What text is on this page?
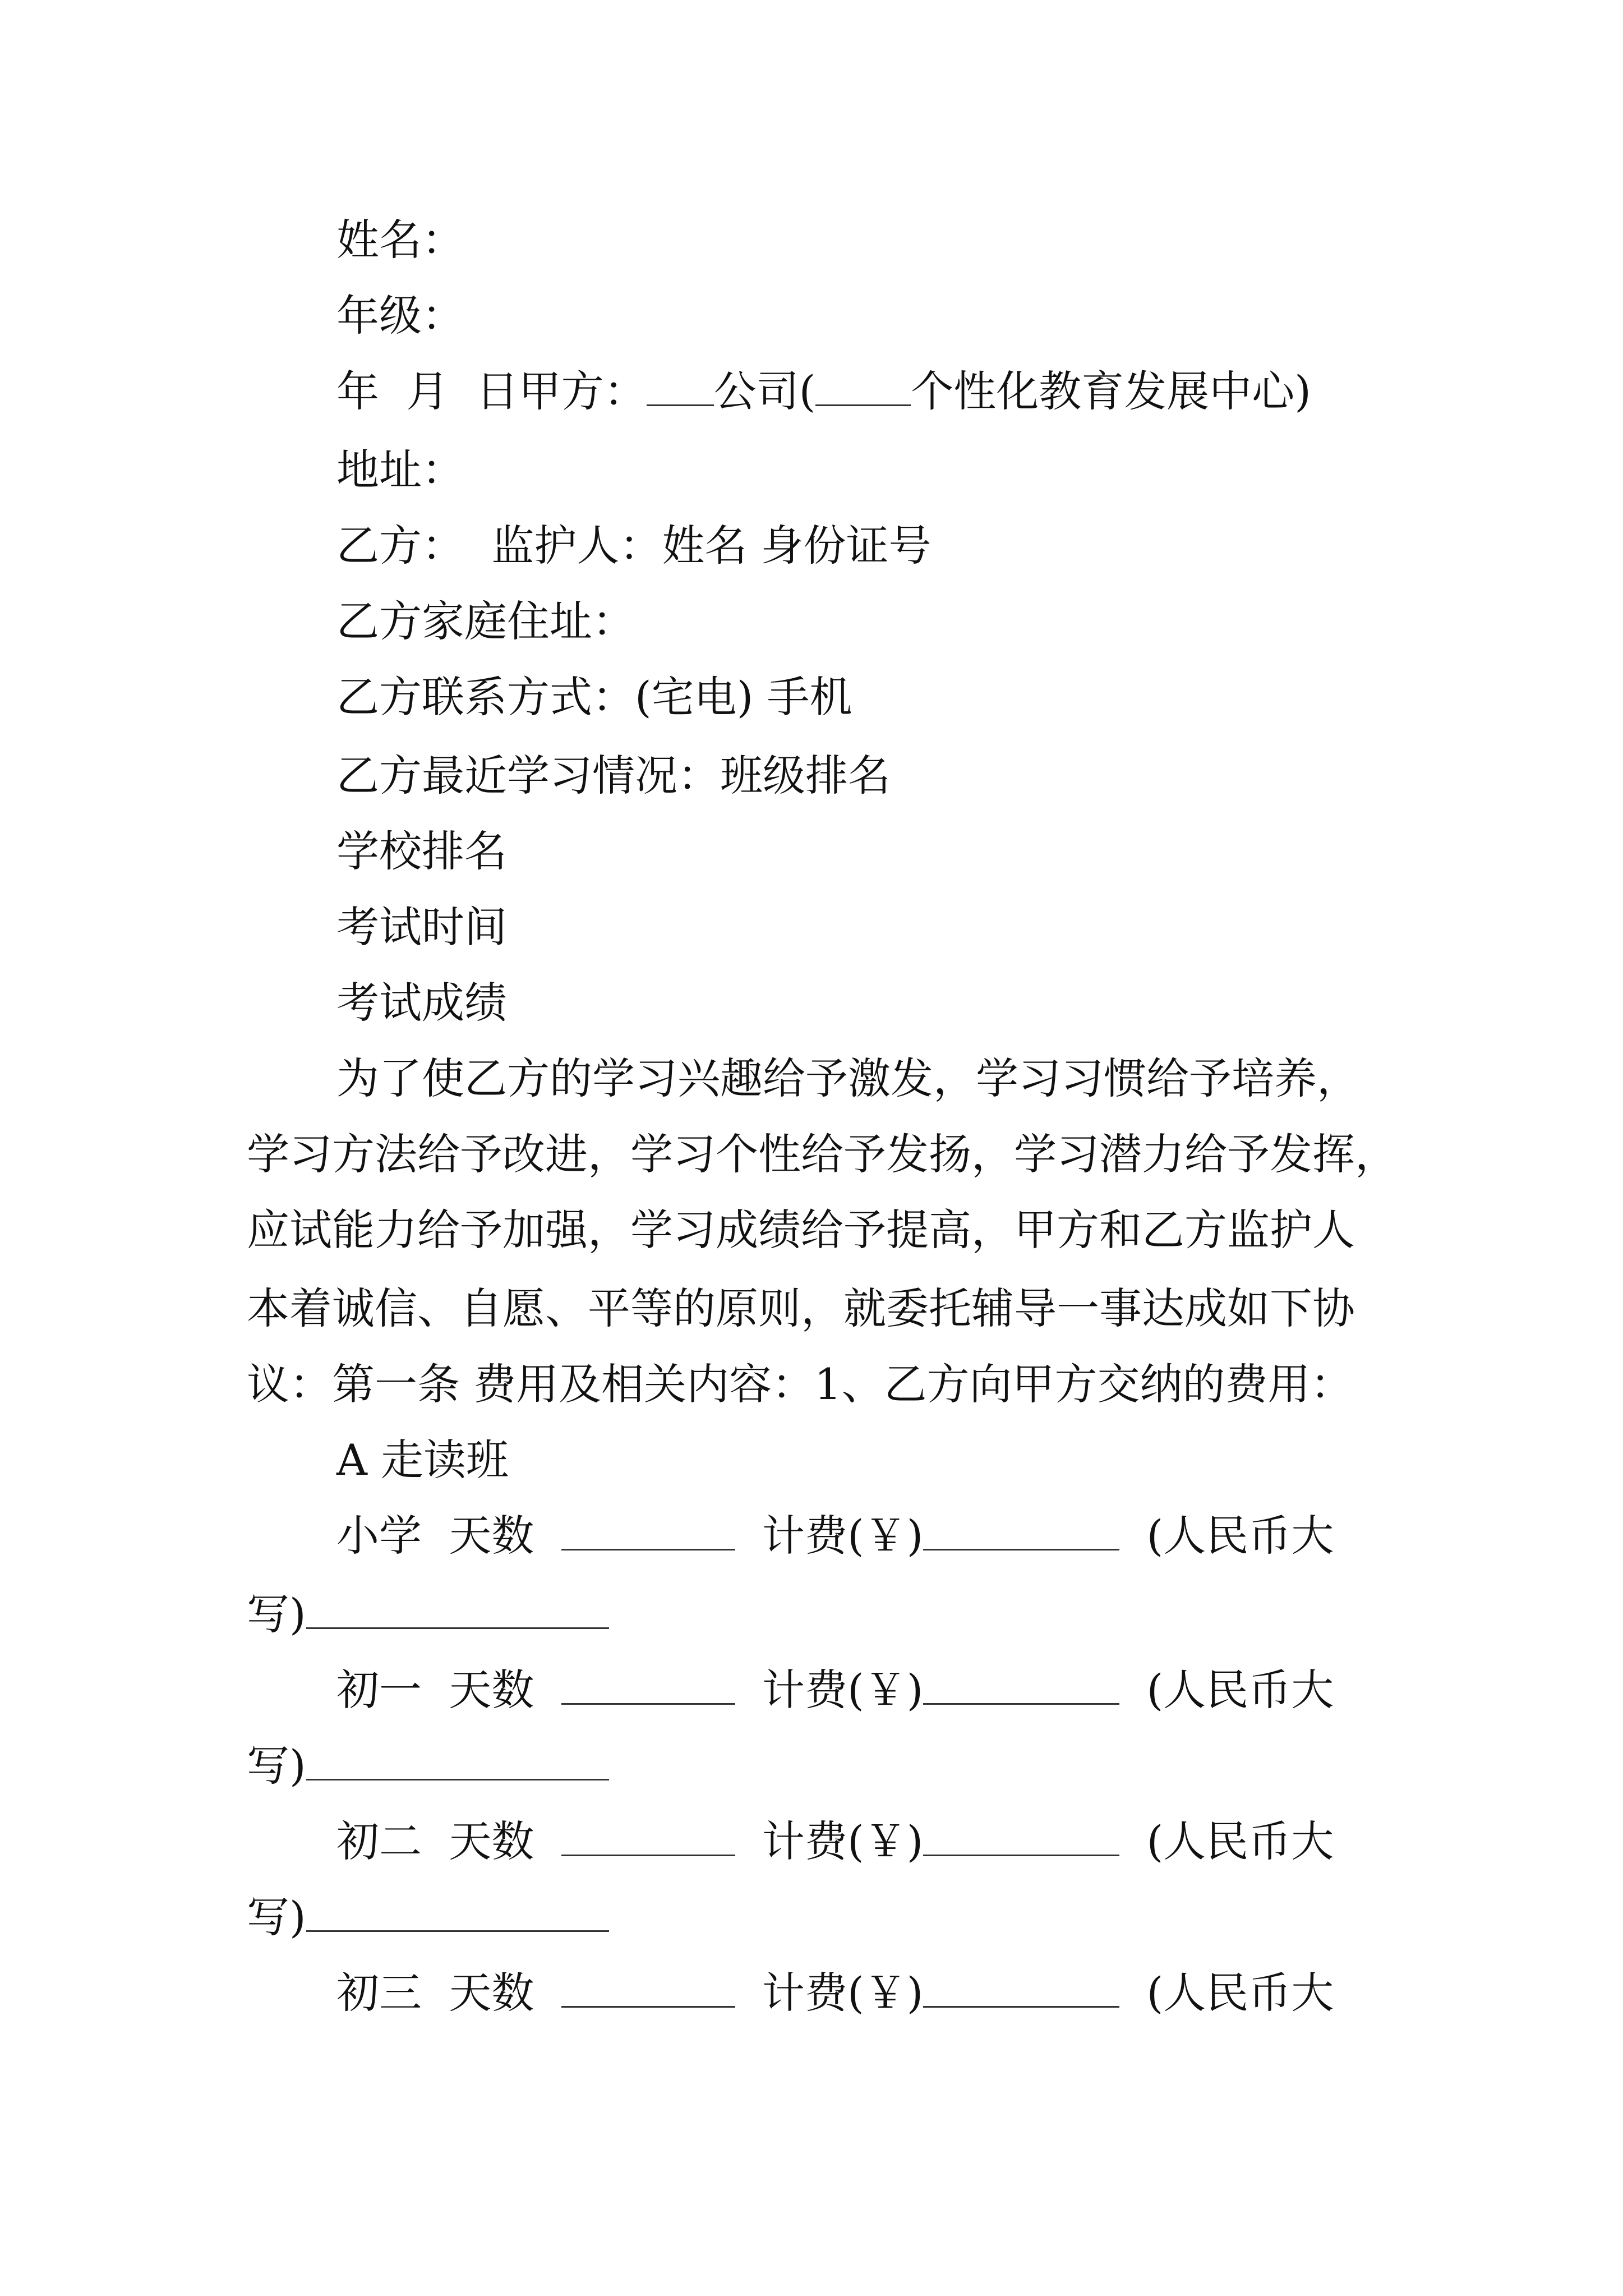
姓名：
年级：
年  月  日甲方： 公司( 个性化教育发展中心)
地址：
乙方：  监护人：姓名 身份证号
乙方家庭住址：
乙方联系方式：(宅电) 手机
乙方最近学习情况：班级排名
学校排名
考试时间
考试成绩
为了使乙方的学习兴趣给予激发，学习习惯给予培养，
学习方法给予改进，学习个性给予发扬，学习潜力给予发挥，
应试能力给予加强，学习成绩给予提高，甲方和乙方监护人
本着诚信、自愿、平等的原则，就委托辅导一事达成如下协
议：第一条 费用及相关内容：1、乙方向甲方交纳的费用：
A 走读班
小学 天数	计费(￥)	(人民币大
写)
初一 天数	计费(￥)	(人民币大
写)
初二 天数	计费(￥)	(人民币大
写)
初三 天数	计费(￥)	(人民币大
